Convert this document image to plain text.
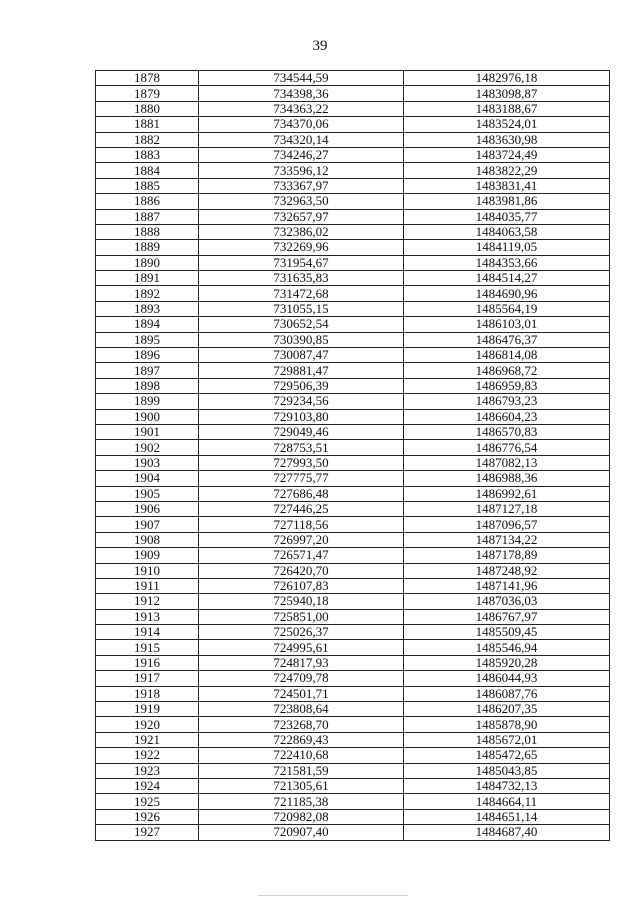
39
1878	734544,59	1482976,18
1879	734398,36	1483098,87
1880	734363,22	1483188,67
1881	734370,06	1483524,01
1882	734320,14	1483630,98
1883	734246,27	1483724,49
1884	733596,12	1483822,29
1885	733367,97	1483831,41
1886	732963,50	1483981,86
1887	732657,97	1484035,77
1888	732386,02	1484063,58
1889	732269,96	1484119,05
1890	731954,67	1484353,66
1891	731635,83	1484514,27
1892	731472,68	1484690,96
1893	731055,15	1485564,19
1894	730652,54	1486103,01
1895	730390,85	1486476,37
1896	730087,47	1486814,08
1897	729881,47	1486968,72
1898	729506,39	1486959,83
1899	729234,56	1486793,23
1900	729103,80	1486604,23
1901	729049,46	1486570,83
1902	728753,51	1486776,54
1903	727993,50	1487082,13
1904	727775,77	1486988,36
1905	727686,48	1486992,61
1906	727446,25	1487127,18
1907	727118,56	1487096,57
1908	726997,20	1487134,22
1909	726571,47	1487178,89
1910	726420,70	1487248,92
1911	726107,83	1487141,96
1912	725940,18	1487036,03
1913	725851,00	1486767,97
1914	725026,37	1485509,45
1915	724995,61	1485546,94
1916	724817,93	1485920,28
1917	724709,78	1486044,93
1918	724501,71	1486087,76
1919	723808,64	1486207,35
1920	723268,70	1485878,90
1921	722869,43	1485672,01
1922	722410,68	1485472,65
1923	721581,59	1485043,85
1924	721305,61	1484732,13
1925	721185,38	1484664,11
1926	720982,08	1484651,14
1927	720907,40	1484687,40
